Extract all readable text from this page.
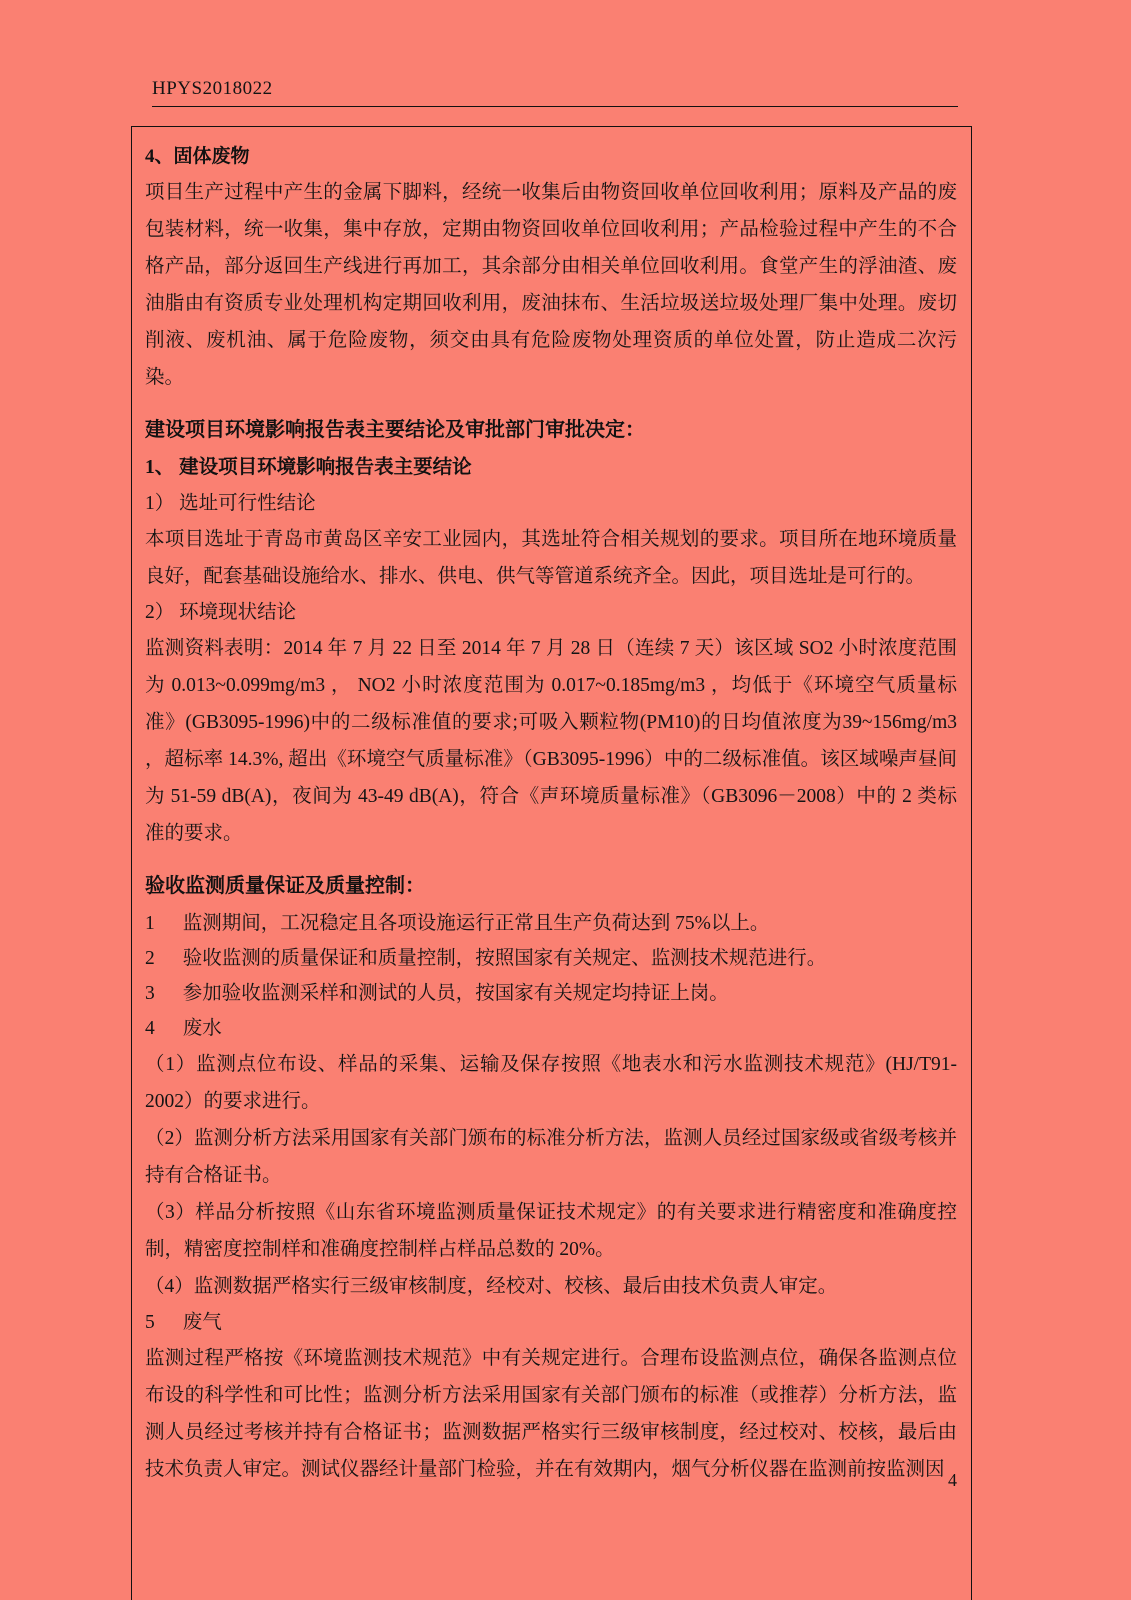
HPYS2018022

4、固体废物

项目生产过程中产生的金属下脚料，经统一收集后由物资回收单位回收利用；原料及产品的废包装材料，统一收集，集中存放，定期由物资回收单位回收利用；产品检验过程中产生的不合格产品，部分返回生产线进行再加工，其余部分由相关单位回收利用。食堂产生的浮油渣、废油脂由有资质专业处理机构定期回收利用，废油抹布、生活垃圾送垃圾处理厂集中处理。废切削液、废机油、属于危险废物，须交由具有危险废物处理资质的单位处置，防止造成二次污染。

建设项目环境影响报告表主要结论及审批部门审批决定：

1、 建设项目环境影响报告表主要结论

1） 选址可行性结论

本项目选址于青岛市黄岛区辛安工业园内，其选址符合相关规划的要求。项目所在地环境质量良好，配套基础设施给水、排水、供电、供气等管道系统齐全。因此，项目选址是可行的。

2） 环境现状结论

监测资料表明：2014 年 7 月 22 日至 2014 年 7 月 28 日（连续 7 天）该区域 SO2 小时浓度范围为 0.013~0.099mg/m3 ， NO2 小时浓度范围为 0.017~0.185mg/m3 ，均低于《环境空气质量标准》(GB3095-1996)中的二级标准值的要求;可吸入颗粒物(PM10)的日均值浓度为39~156mg/m3 ，超标率 14.3%, 超出《环境空气质量标准》（GB3095-1996）中的二级标准值。该区域噪声昼间为 51-59 dB(A)，夜间为 43-49 dB(A)，符合《声环境质量标准》（GB3096－2008）中的 2 类标准的要求。

验收监测质量保证及质量控制：

1 监测期间，工况稳定且各项设施运行正常且生产负荷达到 75%以上。

2 验收监测的质量保证和质量控制，按照国家有关规定、监测技术规范进行。

3 参加验收监测采样和测试的人员，按国家有关规定均持证上岗。

4 废水

（1）监测点位布设、样品的采集、运输及保存按照《地表水和污水监测技术规范》(HJ/T91-2002）的要求进行。

（2）监测分析方法采用国家有关部门颁布的标准分析方法，监测人员经过国家级或省级考核并持有合格证书。

（3）样品分析按照《山东省环境监测质量保证技术规定》的有关要求进行精密度和准确度控制，精密度控制样和准确度控制样占样品总数的 20%。

（4）监测数据严格实行三级审核制度，经校对、校核、最后由技术负责人审定。

5 废气

监测过程严格按《环境监测技术规范》中有关规定进行。合理布设监测点位，确保各监测点位布设的科学性和可比性；监测分析方法采用国家有关部门颁布的标准（或推荐）分析方法，监测人员经过考核并持有合格证书；监测数据严格实行三级审核制度，经过校对、校核，最后由技术负责人审定。测试仪器经计量部门检验，并在有效期内，烟气分析仪器在监测前按监测因 4
